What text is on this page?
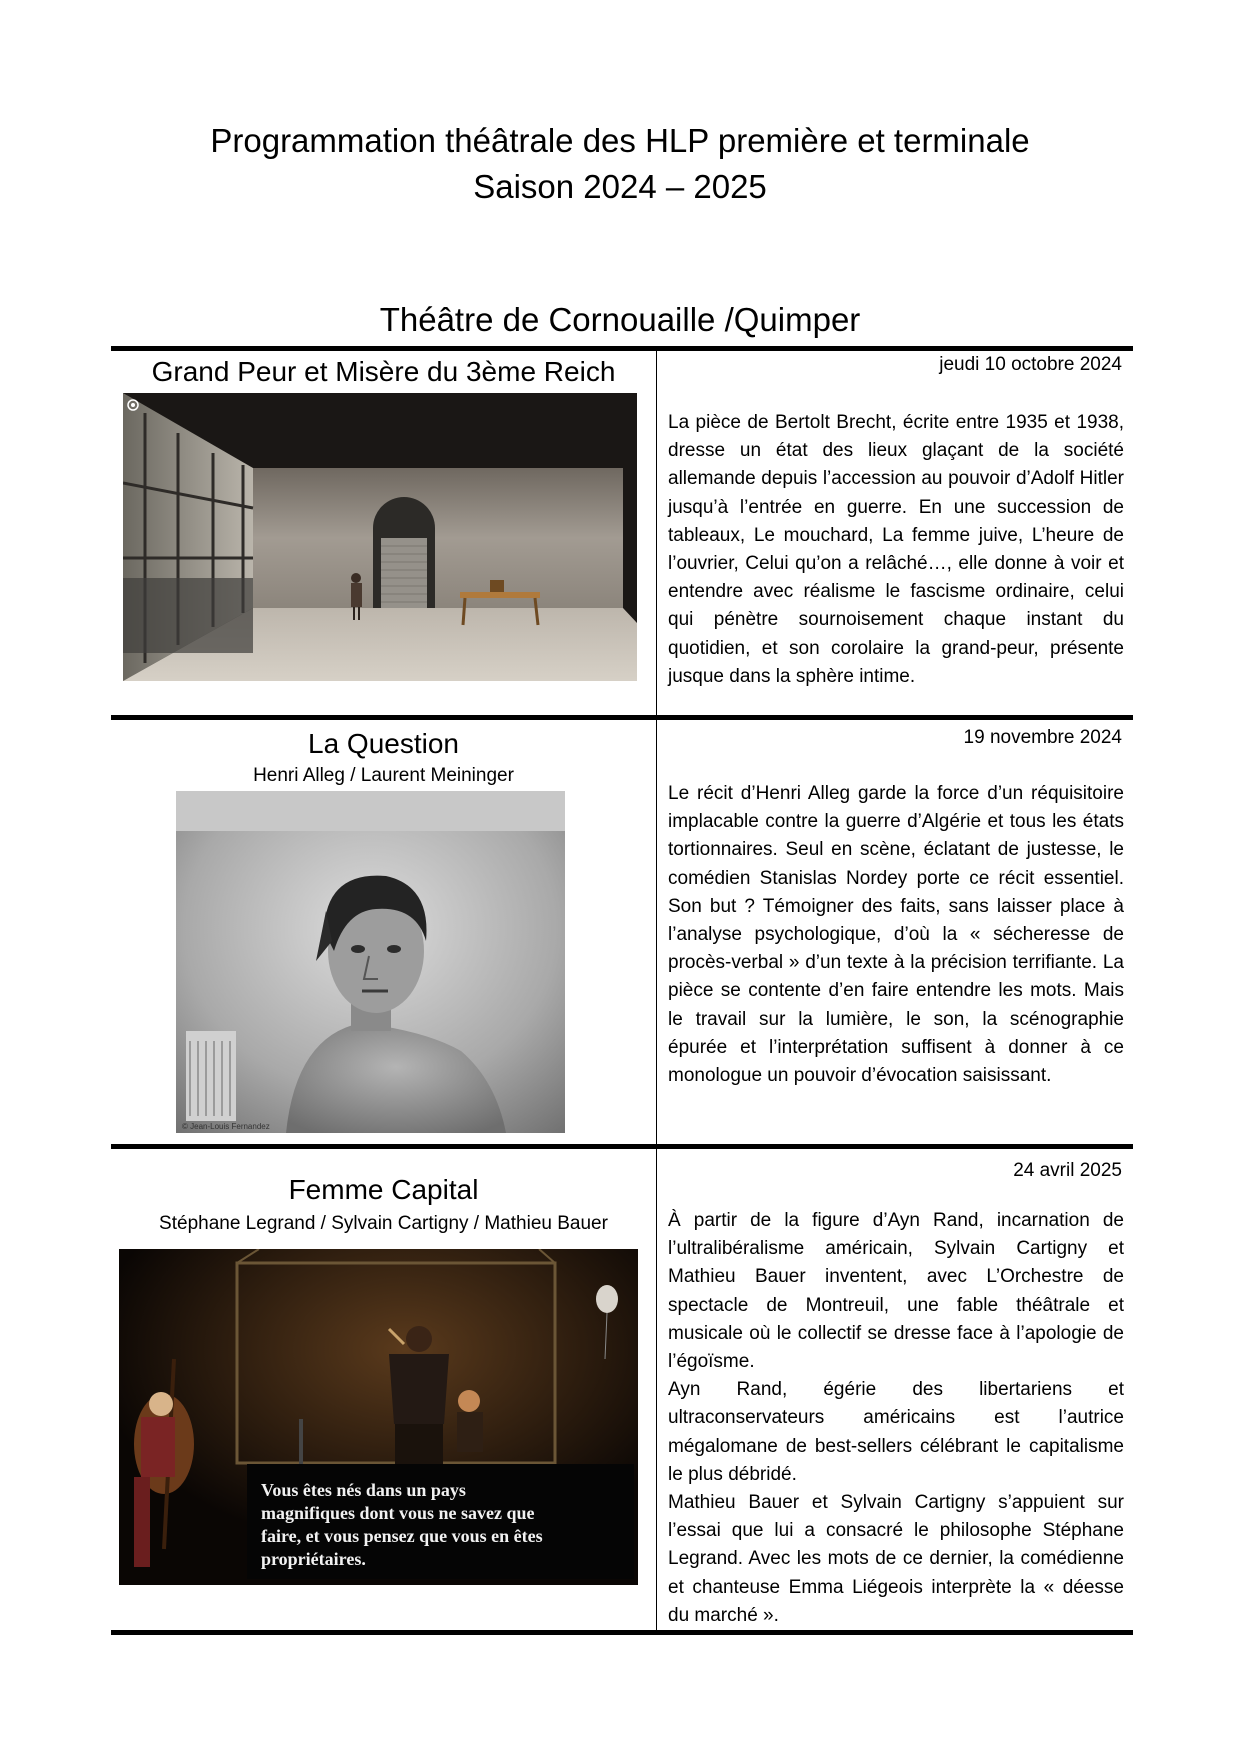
Programmation théâtrale des HLP première et terminale
Saison 2024 – 2025
Théâtre de Cornouaille /Quimper
Grand Peur et Misère du 3ème Reich	jeudi 10 octobre 2024

La pièce de Bertolt Brecht, écrite entre 1935 et 1938, dresse un état des lieux glaçant de la société allemande depuis l’accession au pouvoir d’Adolf Hitler jusqu’à l’entrée en guerre. En une succession de tableaux, Le mouchard, La femme juive, L’heure de l’ouvrier, Celui qu’on a relâché…, elle donne à voir et entendre avec réalisme le fascisme ordinaire, celui qui pénètre sournoisement chaque instant du quotidien, et son corolaire la grand-peur, présente jusque dans la sphère intime.

La Question
Henri Alleg / Laurent Meininger
19 novembre 2024
© Jean-Louis Fernandez

Le récit d’Henri Alleg garde la force d’un réquisitoire implacable contre la guerre d’Algérie et tous les états tortionnaires. Seul en scène, éclatant de justesse, le comédien Stanislas Nordey porte ce récit essentiel. Son but ? Témoigner des faits, sans laisser place à l’analyse psychologique, d’où la « sécheresse de procès-verbal » d’un texte à la précision terrifiante. La pièce se contente d’en faire entendre les mots. Mais le travail sur la lumière, le son, la scénographie épurée et l’interprétation suffisent à donner à ce monologue un pouvoir d’évocation saisissant.

Femme Capital
Stéphane Legrand / Sylvain Cartigny / Mathieu Bauer
24 avril 2025
Vous êtes nés dans un pays
magnifiques dont vous ne savez que
faire, et vous pensez que vous en êtes
propriétaires.

À partir de la figure d’Ayn Rand, incarnation de l’ultralibéralisme américain, Sylvain Cartigny et Mathieu Bauer inventent, avec L’Orchestre de spectacle de Montreuil, une fable théâtrale et musicale où le collectif se dresse face à l’apologie de l’égoïsme.

Ayn Rand, égérie des libertariens et ultraconservateurs américains est l’autrice mégalomane de best-sellers célébrant le capitalisme le plus débridé.

Mathieu Bauer et Sylvain Cartigny s’appuient sur l’essai que lui a consacré le philosophe Stéphane Legrand. Avec les mots de ce dernier, la comédienne et chanteuse Emma Liégeois interprète la « déesse du marché ».
